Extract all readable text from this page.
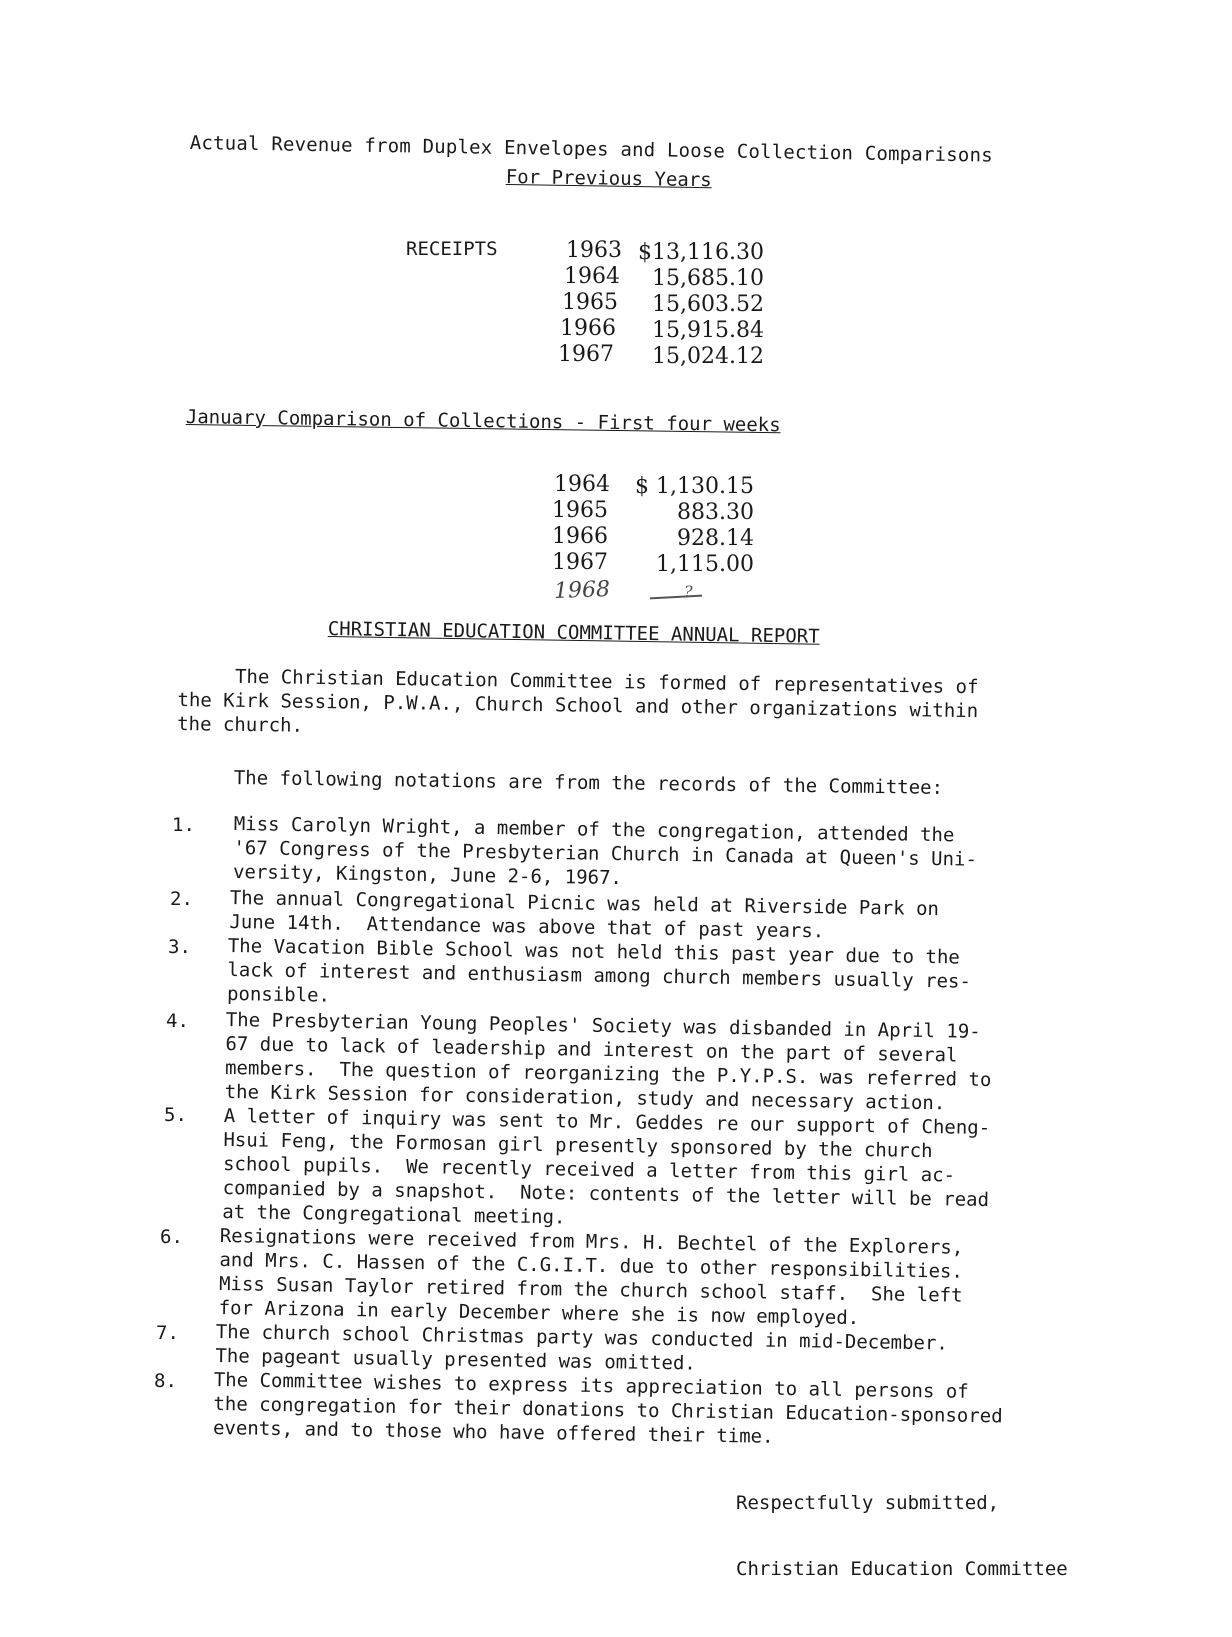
Actual Revenue from Duplex Envelopes and Loose Collection Comparisons
For Previous Years
RECEIPTS	1963 $13,116.30
1964	15,685.10
1965	15,603.52
1966	15,915.84
1967	15,024.12
January Comparison of Collections - First four weeks
1964	$ 1,130.15
1965	883.30
1966	928.14
1967	1,115.00
1968	?
CHRISTIAN EDUCATION COMMITTEE ANNUAL REPORT
The Christian Education Committee is formed of representatives of
the Kirk Session, P.W.A., Church School and other organizations within
the church.
The following notations are from the records of the Committee:
1. Miss Carolyn Wright, a member of the congregation, attended the
'67 Congress of the Presbyterian Church in Canada at Queen's Uni-
versity, Kingston, June 2-6, 1967.
2. The annual Congregational Picnic was held at Riverside Park on
June 14th.  Attendance was above that of past years.
3. The Vacation Bible School was not held this past year due to the
lack of interest and enthusiasm among church members usually res-
ponsible.
4. The Presbyterian Young Peoples' Society was disbanded in April 19-
67 due to lack of leadership and interest on the part of several
members.  The question of reorganizing the P.Y.P.S. was referred to
the Kirk Session for consideration, study and necessary action.
5. A letter of inquiry was sent to Mr. Geddes re our support of Cheng-
Hsui Feng, the Formosan girl presently sponsored by the church
school pupils.  We recently received a letter from this girl ac-
companied by a snapshot.  Note: contents of the letter will be read
at the Congregational meeting.
6. Resignations were received from Mrs. H. Bechtel of the Explorers,
and Mrs. C. Hassen of the C.G.I.T. due to other responsibilities.
Miss Susan Taylor retired from the church school staff.  She left
for Arizona in early December where she is now employed.
7. The church school Christmas party was conducted in mid-December.
The pageant usually presented was omitted.
8. The Committee wishes to express its appreciation to all persons of
the congregation for their donations to Christian Education-sponsored
events, and to those who have offered their time.
Respectfully submitted,
Christian Education Committee
